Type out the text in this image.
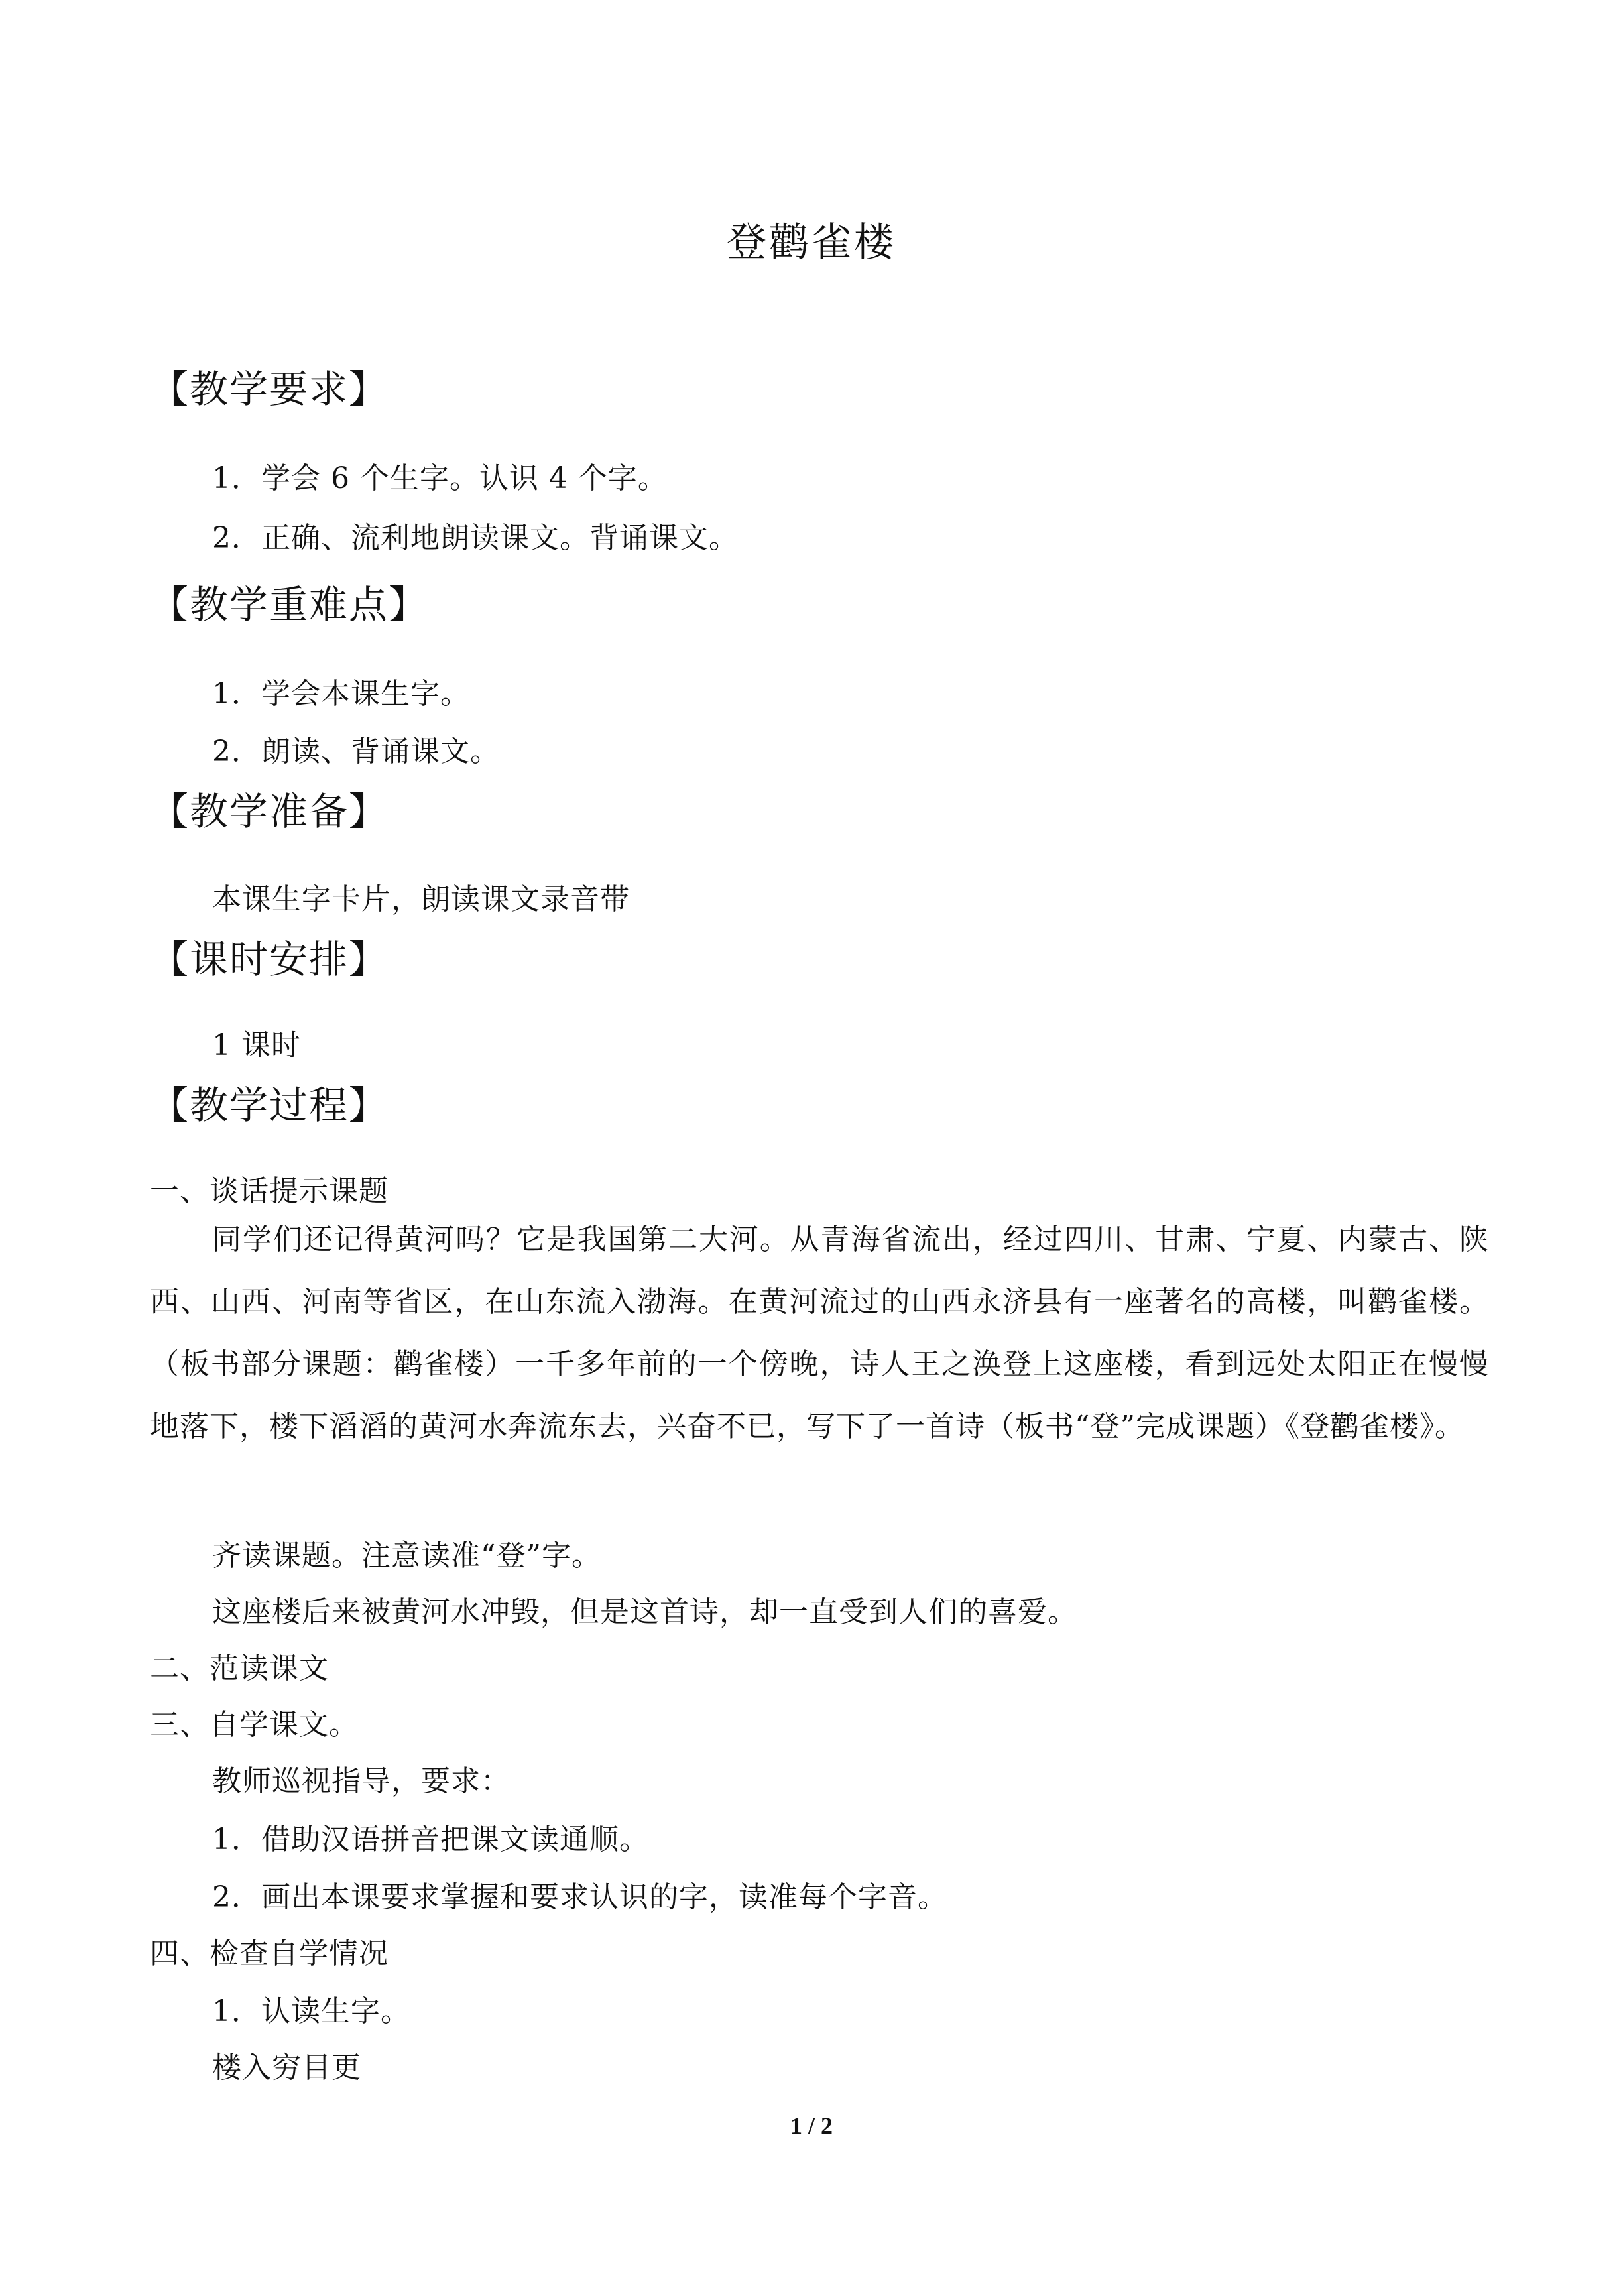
登鹳雀楼
【教学要求】
1．学会 6 个生字。认识 4 个字。
2．正确、流利地朗读课文。背诵课文。
【教学重难点】
1．学会本课生字。
2．朗读、背诵课文。
【教学准备】
本课生字卡片，朗读课文录音带
【课时安排】
1 课时
【教学过程】
一、谈话提示课题
同学们还记得黄河吗？它是我国第二大河。从青海省流出，经过四川、甘肃、宁夏、内蒙古、陕西、山西、河南等省区，在山东流入渤海。在黄河流过的山西永济县有一座著名的高楼，叫鹳雀楼。（板书部分课题：鹳雀楼）一千多年前的一个傍晚，诗人王之涣登上这座楼，看到远处太阳正在慢慢地落下，楼下滔滔的黄河水奔流东去，兴奋不已，写下了一首诗（板书“登”完成课题）《登鹳雀楼》。
齐读课题。注意读准“登”字。
这座楼后来被黄河水冲毁，但是这首诗，却一直受到人们的喜爱。
二、范读课文
三、自学课文。
教师巡视指导，要求：
1．借助汉语拼音把课文读通顺。
2．画出本课要求掌握和要求认识的字，读准每个字音。
四、检查自学情况
1．认读生字。
楼入穷目更
1 / 2
